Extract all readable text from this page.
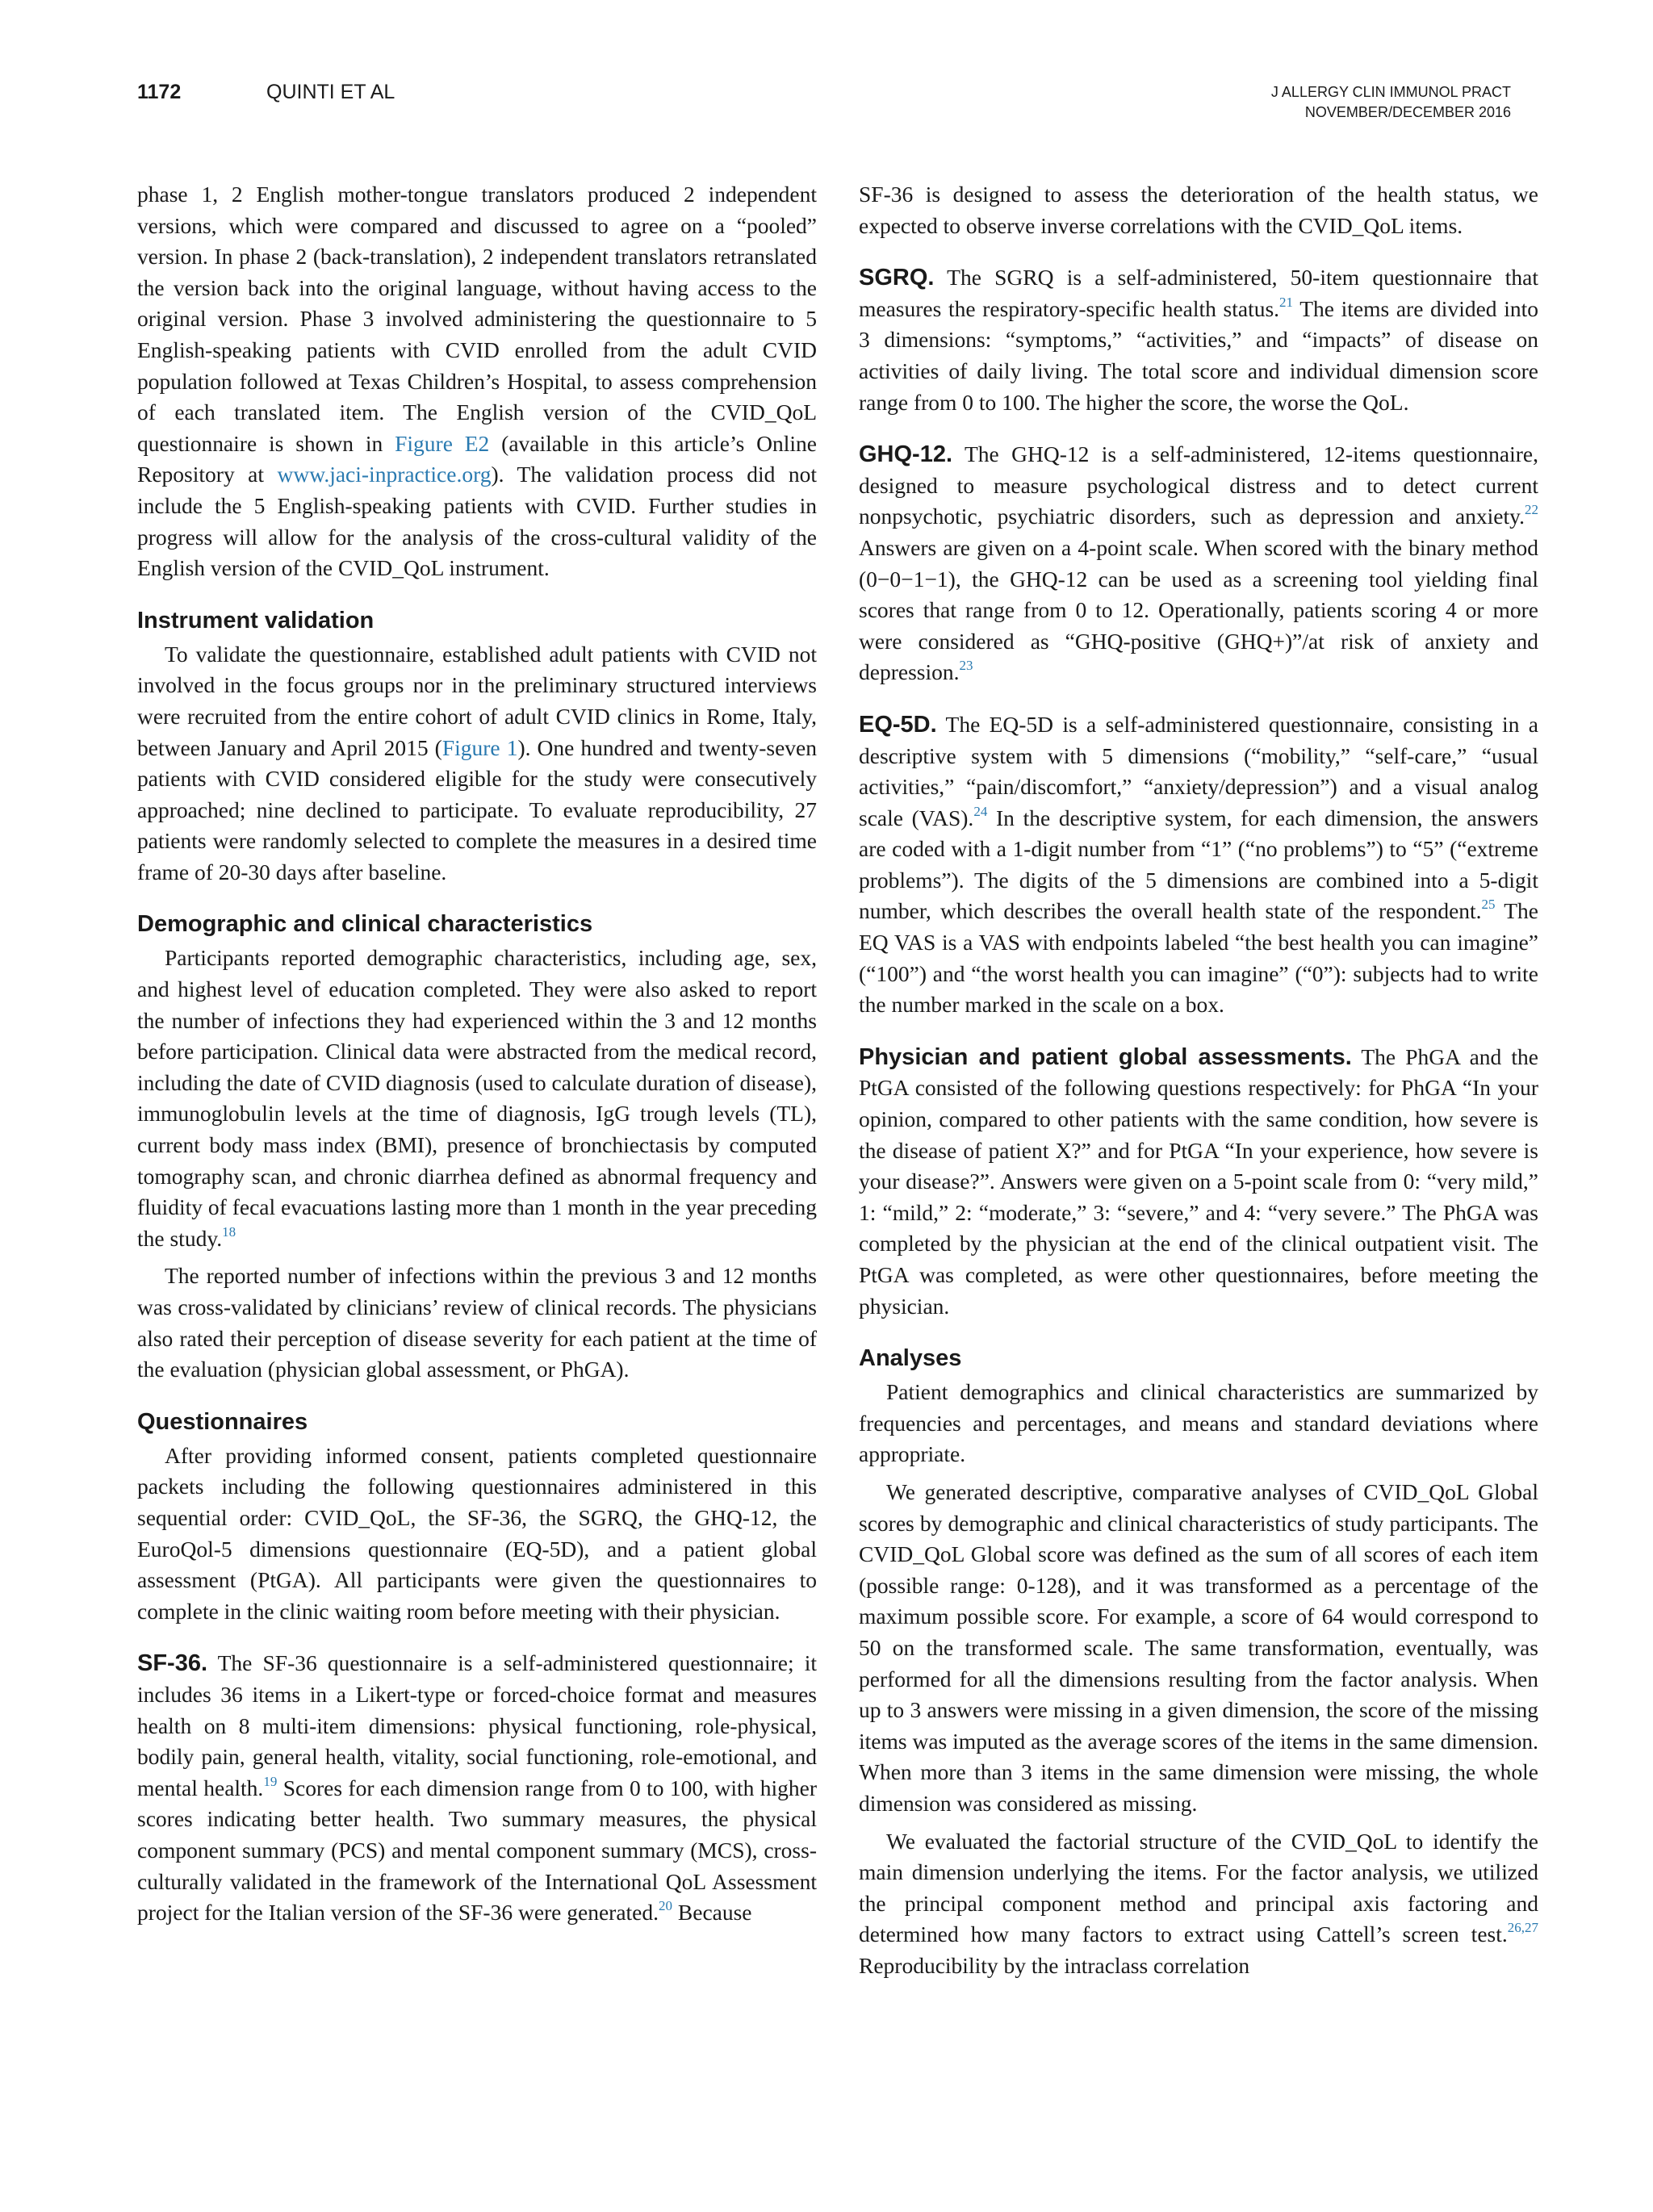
1172	QUINTI ET AL	J ALLERGY CLIN IMMUNOL PRACT
NOVEMBER/DECEMBER 2016

phase 1, 2 English mother-tongue translators produced 2 independent versions, which were compared and discussed to agree on a “pooled” version. In phase 2 (back-translation), 2 independent translators retranslated the version back into the original language, without having access to the original version. Phase 3 involved administering the questionnaire to 5 English-speaking patients with CVID enrolled from the adult CVID population followed at Texas Children’s Hospital, to assess comprehension of each translated item. The English version of the CVID_QoL questionnaire is shown in Figure E2 (available in this article’s Online Repository at www.jaci-inpractice.org). The validation process did not include the 5 English-speaking patients with CVID. Further studies in progress will allow for the analysis of the cross-cultural validity of the English version of the CVID_QoL instrument.

Instrument validation

To validate the questionnaire, established adult patients with CVID not involved in the focus groups nor in the preliminary structured interviews were recruited from the entire cohort of adult CVID clinics in Rome, Italy, between January and April 2015 (Figure 1). One hundred and twenty-seven patients with CVID considered eligible for the study were consecutively approached; nine declined to participate. To evaluate reproducibility, 27 patients were randomly selected to complete the measures in a desired time frame of 20-30 days after baseline.

Demographic and clinical characteristics

Participants reported demographic characteristics, including age, sex, and highest level of education completed. They were also asked to report the number of infections they had experienced within the 3 and 12 months before participation. Clinical data were abstracted from the medical record, including the date of CVID diagnosis (used to calculate duration of disease), immunoglobulin levels at the time of diagnosis, IgG trough levels (TL), current body mass index (BMI), presence of bronchiectasis by computed tomography scan, and chronic diarrhea defined as abnormal frequency and fluidity of fecal evacuations lasting more than 1 month in the year preceding the study.$^{18}$

The reported number of infections within the previous 3 and 12 months was cross-validated by clinicians’ review of clinical records. The physicians also rated their perception of disease severity for each patient at the time of the evaluation (physician global assessment, or PhGA).

Questionnaires

After providing informed consent, patients completed questionnaire packets including the following questionnaires administered in this sequential order: CVID_QoL, the SF-36, the SGRQ, the GHQ-12, the EuroQol-5 dimensions questionnaire (EQ-5D), and a patient global assessment (PtGA). All participants were given the questionnaires to complete in the clinic waiting room before meeting with their physician.

SF-36. The SF-36 questionnaire is a self-administered questionnaire; it includes 36 items in a Likert-type or forced-choice format and measures health on 8 multi-item dimensions: physical functioning, role-physical, bodily pain, general health, vitality, social functioning, role-emotional, and mental health.$^{19}$ Scores for each dimension range from 0 to 100, with higher scores indicating better health. Two summary measures, the physical component summary (PCS) and mental component summary (MCS), cross-culturally validated in the framework of the International QoL Assessment project for the Italian version of the SF-36 were generated.$^{20}$ Because

SF-36 is designed to assess the deterioration of the health status, we expected to observe inverse correlations with the CVID_QoL items.

SGRQ. The SGRQ is a self-administered, 50-item questionnaire that measures the respiratory-specific health status.$^{21}$ The items are divided into 3 dimensions: “symptoms,” “activities,” and “impacts” of disease on activities of daily living. The total score and individual dimension score range from 0 to 100. The higher the score, the worse the QoL.

GHQ-12. The GHQ-12 is a self-administered, 12-items questionnaire, designed to measure psychological distress and to detect current nonpsychotic, psychiatric disorders, such as depression and anxiety.$^{22}$ Answers are given on a 4-point scale. When scored with the binary method (0−0−1−1), the GHQ-12 can be used as a screening tool yielding final scores that range from 0 to 12. Operationally, patients scoring 4 or more were considered as “GHQ-positive (GHQ+)”/at risk of anxiety and depression.$^{23}$

EQ-5D. The EQ-5D is a self-administered questionnaire, consisting in a descriptive system with 5 dimensions (“mobility,” “self-care,” “usual activities,” “pain/discomfort,” “anxiety/depression”) and a visual analog scale (VAS).$^{24}$ In the descriptive system, for each dimension, the answers are coded with a 1-digit number from “1” (“no problems”) to “5” (“extreme problems”). The digits of the 5 dimensions are combined into a 5-digit number, which describes the overall health state of the respondent.$^{25}$ The EQ VAS is a VAS with endpoints labeled “the best health you can imagine” (“100”) and “the worst health you can imagine” (“0”): subjects had to write the number marked in the scale on a box.

Physician and patient global assessments. The PhGA and the PtGA consisted of the following questions respectively: for PhGA “In your opinion, compared to other patients with the same condition, how severe is the disease of patient X?” and for PtGA “In your experience, how severe is your disease?”. Answers were given on a 5-point scale from 0: “very mild,” 1: “mild,” 2: “moderate,” 3: “severe,” and 4: “very severe.” The PhGA was completed by the physician at the end of the clinical outpatient visit. The PtGA was completed, as were other questionnaires, before meeting the physician.

Analyses

Patient demographics and clinical characteristics are summarized by frequencies and percentages, and means and standard deviations where appropriate.

We generated descriptive, comparative analyses of CVID_QoL Global scores by demographic and clinical characteristics of study participants. The CVID_QoL Global score was defined as the sum of all scores of each item (possible range: 0-128), and it was transformed as a percentage of the maximum possible score. For example, a score of 64 would correspond to 50 on the transformed scale. The same transformation, eventually, was performed for all the dimensions resulting from the factor analysis. When up to 3 answers were missing in a given dimension, the score of the missing items was imputed as the average scores of the items in the same dimension. When more than 3 items in the same dimension were missing, the whole dimension was considered as missing.

We evaluated the factorial structure of the CVID_QoL to identify the main dimension underlying the items. For the factor analysis, we utilized the principal component method and principal axis factoring and determined how many factors to extract using Cattell’s screen test.$^{26,27}$ Reproducibility by the intraclass correlation
